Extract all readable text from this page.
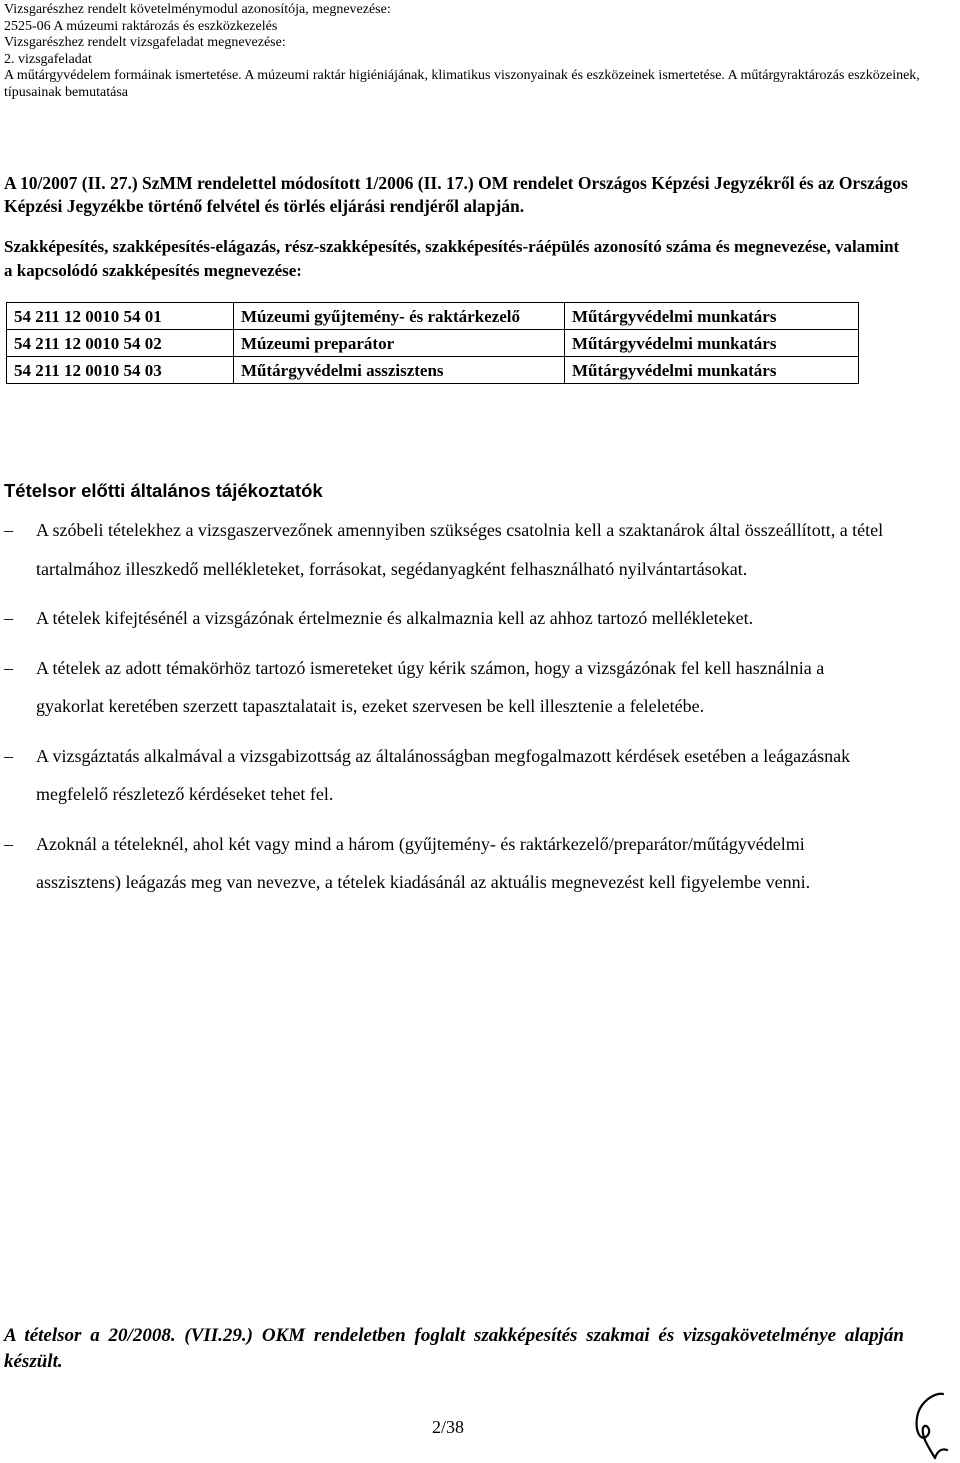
Vizsgarészhez rendelt követelménymodul azonosítója, megnevezése:
2525-06 A múzeumi raktározás és eszközkezelés
Vizsgarészhez rendelt vizsgafeladat megnevezése:
2. vizsgafeladat
A műtárgyvédelem formáinak ismertetése. A múzeumi raktár higiéniájának, klimatikus viszonyainak és eszközeinek ismertetése. A műtárgyraktározás eszközeinek, típusainak bemutatása
A 10/2007 (II. 27.) SzMM rendelettel módosított 1/2006 (II. 17.) OM rendelet Országos Képzési Jegyzékről és az Országos Képzési Jegyzékbe történő felvétel és törlés eljárási rendjéről alapján.
Szakképesítés, szakképesítés-elágazás, rész-szakképesítés, szakképesítés-ráépülés azonosító száma és megnevezése, valamint a kapcsolódó szakképesítés megnevezése:
54 211 12 0010 54 01	Múzeumi gyűjtemény- és raktárkezelő	Műtárgyvédelmi munkatárs
54 211 12 0010 54 02	Múzeumi preparátor	Műtárgyvédelmi munkatárs
54 211 12 0010 54 03	Műtárgyvédelmi asszisztens	Műtárgyvédelmi munkatárs
Tételsor előtti általános tájékoztatók
–	A szóbeli tételekhez a vizsgaszervezőnek amennyiben szükséges csatolnia kell a szaktanárok által összeállított, a tétel tartalmához illeszkedő mellékleteket, forrásokat, segédanyagként felhasználható nyilvántartásokat.
–	A tételek kifejtésénél a vizsgázónak értelmeznie és alkalmaznia kell az ahhoz tartozó mellékleteket.
–	A tételek az adott témakörhöz tartozó ismereteket úgy kérik számon, hogy a vizsgázónak fel kell használnia a gyakorlat keretében szerzett tapasztalatait is, ezeket szervesen be kell illesztenie a feleletébe.
–	A vizsgáztatás alkalmával a vizsgabizottság az általánosságban megfogalmazott kérdések esetében a leágazásnak megfelelő részletező kérdéseket tehet fel.
–	Azoknál a tételeknél, ahol két vagy mind a három (gyűjtemény- és raktárkezelő/preparátor/műtágyvédelmi asszisztens) leágazás meg van nevezve, a tételek kiadásánál az aktuális megnevezést kell figyelembe venni.
A tételsor a 20/2008. (VII.29.) OKM rendeletben foglalt szakképesítés szakmai és vizsgakövetelménye alapján készült.
2/38
